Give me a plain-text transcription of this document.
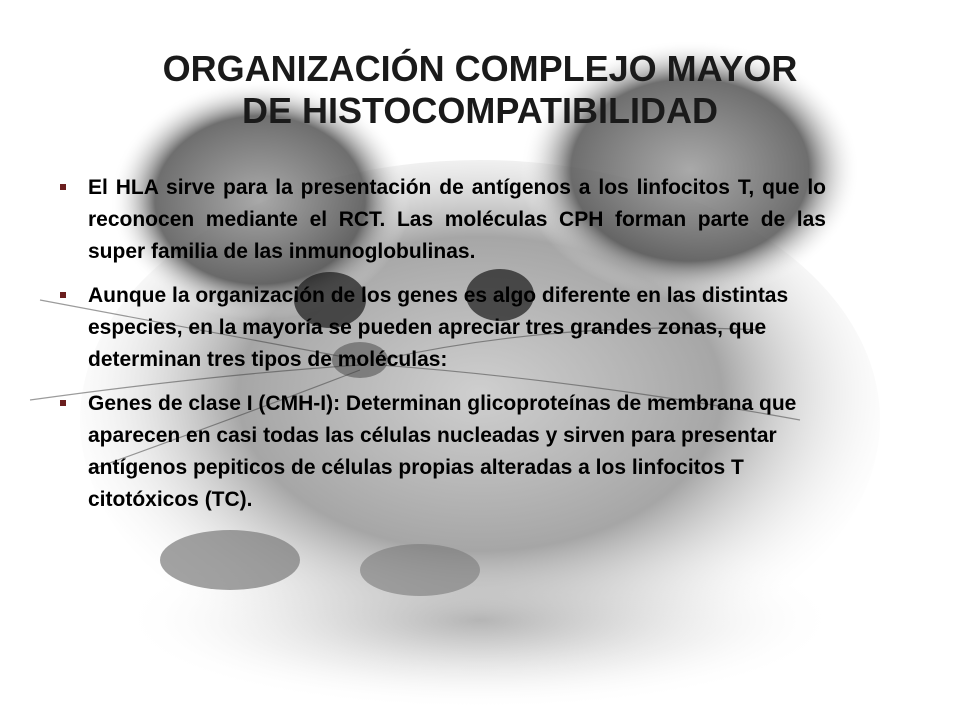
ORGANIZACIÓN COMPLEJO MAYOR
DE HISTOCOMPATIBILIDAD
El HLA sirve para la presentación de antígenos a los linfocitos T, que lo reconocen mediante el RCT. Las moléculas CPH forman parte de las super familia de las inmunoglobulinas.
Aunque la organización de los genes es algo diferente en las distintas especies, en la mayoría se pueden apreciar tres grandes zonas, que determinan tres tipos de moléculas:
Genes de clase I (CMH-I): Determinan glicoproteínas de membrana que aparecen en casi todas las células nucleadas y sirven para presentar antígenos pepiticos de células propias alteradas a los linfocitos T citotóxicos (TC).
